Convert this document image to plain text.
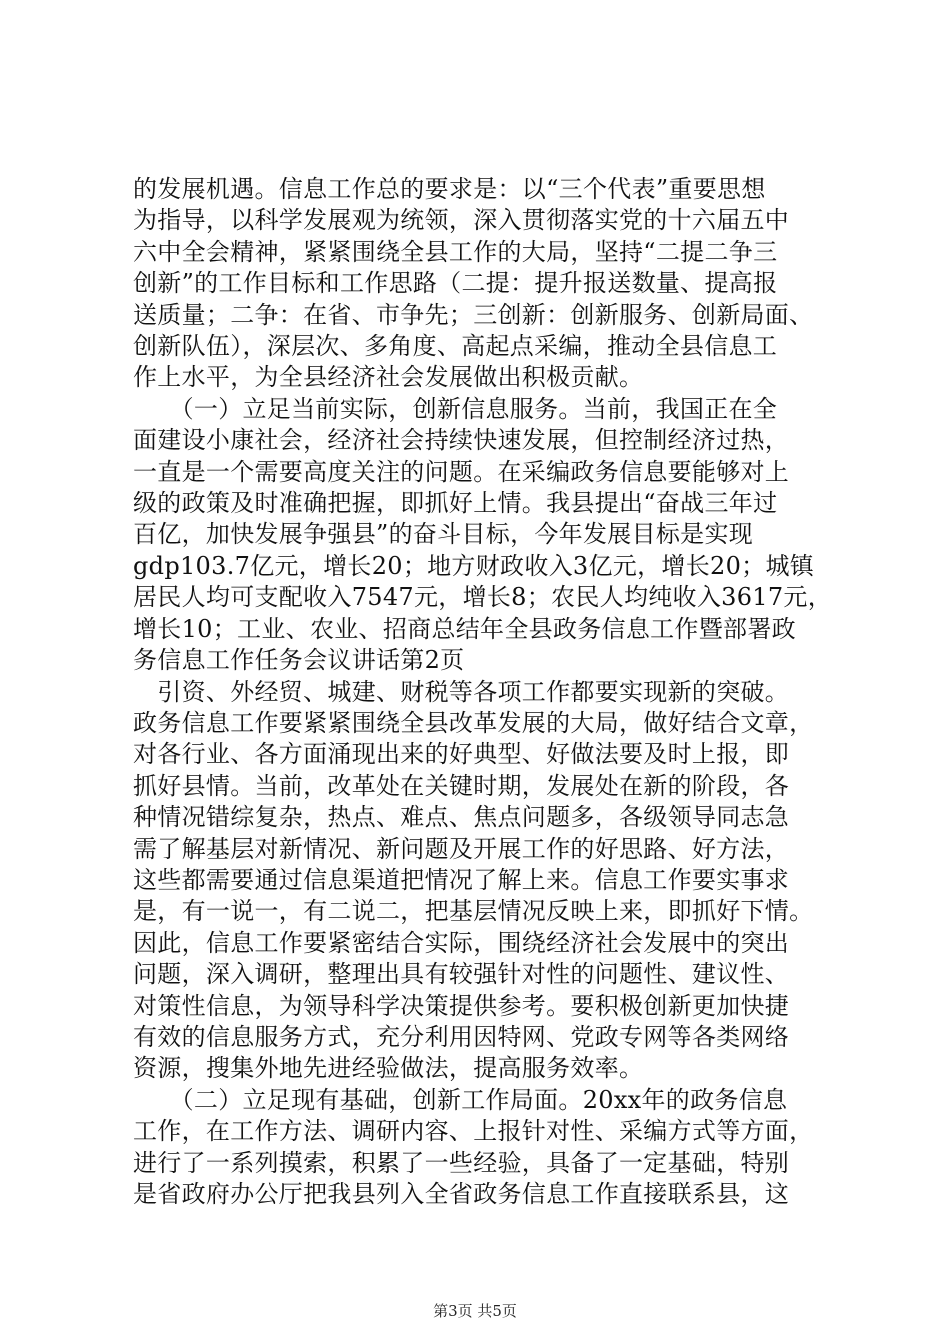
的发展机遇。信息工作总的要求是：以“三个代表”重要思想
为指导，以科学发展观为统领，深入贯彻落实党的十六届五中
六中全会精神，紧紧围绕全县工作的大局，坚持“二提二争三
创新”的工作目标和工作思路（二提：提升报送数量、提高报
送质量；二争：在省、市争先；三创新：创新服务、创新局面、
创新队伍），深层次、多角度、高起点采编，推动全县信息工
作上水平，为全县经济社会发展做出积极贡献。
　　（一）立足当前实际，创新信息服务。当前，我国正在全
面建设小康社会，经济社会持续快速发展，但控制经济过热，
一直是一个需要高度关注的问题。在采编政务信息要能够对上
级的政策及时准确把握，即抓好上情。我县提出“奋战三年过
百亿，加快发展争强县”的奋斗目标，今年发展目标是实现
gdp103.7亿元，增长20；地方财政收入3亿元，增长20；城镇
居民人均可支配收入7547元，增长8；农民人均纯收入3617元，
增长10；工业、农业、招商总结年全县政务信息工作暨部署政
务信息工作任务会议讲话第2页
　引资、外经贸、城建、财税等各项工作都要实现新的突破。
政务信息工作要紧紧围绕全县改革发展的大局，做好结合文章，
对各行业、各方面涌现出来的好典型、好做法要及时上报，即
抓好县情。当前，改革处在关键时期，发展处在新的阶段，各
种情况错综复杂，热点、难点、焦点问题多，各级领导同志急
需了解基层对新情况、新问题及开展工作的好思路、好方法，
这些都需要通过信息渠道把情况了解上来。信息工作要实事求
是，有一说一，有二说二，把基层情况反映上来，即抓好下情。
因此，信息工作要紧密结合实际，围绕经济社会发展中的突出
问题，深入调研，整理出具有较强针对性的问题性、建议性、
对策性信息，为领导科学决策提供参考。要积极创新更加快捷
有效的信息服务方式，充分利用因特网、党政专网等各类网络
资源，搜集外地先进经验做法，提高服务效率。
　　（二）立足现有基础，创新工作局面。20xx年的政务信息
工作，在工作方法、调研内容、上报针对性、采编方式等方面，
进行了一系列摸索，积累了一些经验，具备了一定基础，特别
是省政府办公厅把我县列入全省政务信息工作直接联系县，这
第3页 共5页
